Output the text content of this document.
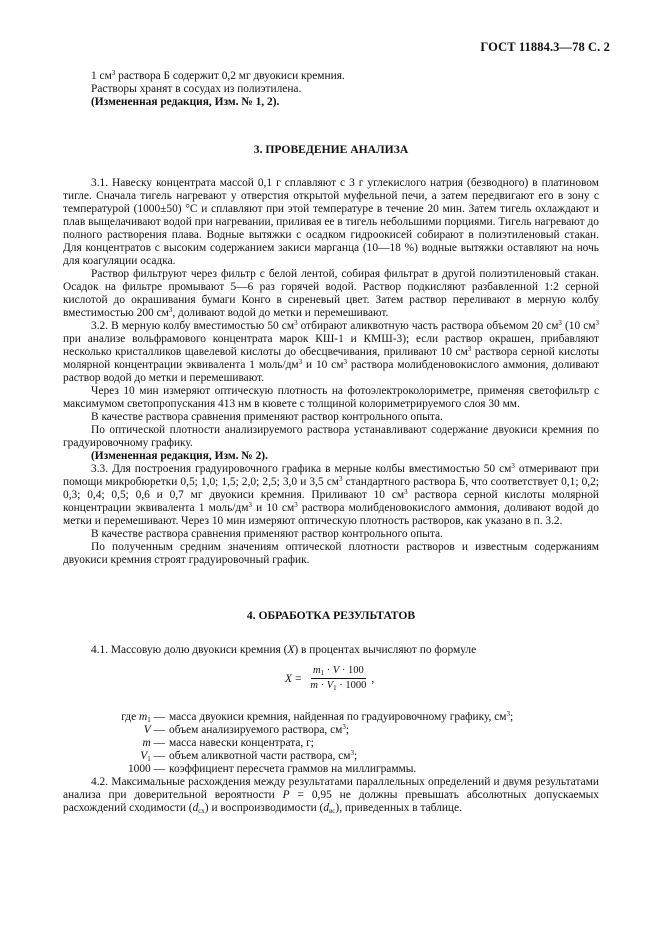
ГОСТ 11884.3—78 С. 2

1 $см^3$ раствора Б содержит 0,2 мг двуокиси кремния.

Растворы хранят в сосудах из полиэтилена.

(Измененная редакция, Изм. № 1, 2).

3. ПРОВЕДЕНИЕ АНАЛИЗА

3.1. Навеску концентрата массой 0,1 г сплавляют с 3 г углекислого натрия (безводного) в платиновом тигле. Сначала тигель нагревают у отверстия открытой муфельной печи, а затем передвигают его в зону с температурой (1000±50) °С и сплавляют при этой температуре в течение 20 мин. Затем тигель охлаждают и плав выщелачивают водой при нагревании, приливая ее в тигель небольшими порциями. Тигель нагревают до полного растворения плава. Водные вытяжки с осадком гидроокисей собирают в полиэтиленовый стакан. Для концентратов с высоким содержанием закиси марганца (10—18 %) водные вытяжки оставляют на ночь для коагуляции осадка.

Раствор фильтруют через фильтр с белой лентой, собирая фильтрат в другой полиэтиленовый стакан. Осадок на фильтре промывают 5—6 раз горячей водой. Раствор подкисляют разбавленной 1:2 серной кислотой до окрашивания бумаги Конго в сиреневый цвет. Затем раствор переливают в мерную колбу вместимостью 200 $см^3$, доливают водой до метки и перемешивают.

3.2. В мерную колбу вместимостью 50 $см^3$ отбирают аликвотную часть раствора объемом 20 $см^3$ (10 $см^3$ при анализе вольфрамового концентрата марок КШ-1 и КМШ-3); если раствор окрашен, прибавляют несколько кристалликов щавелевой кислоты до обесцвечивания, приливают 10 $см^3$ раствора серной кислоты молярной концентрации эквивалента 1 моль/$дм^3$ и 10 $см^3$ раствора молибденовокислого аммония, доливают раствор водой до метки и перемешивают.

Через 10 мин измеряют оптическую плотность на фотоэлектроколориметре, применяя светофильтр с максимумом светопропускания 413 нм в кювете с толщиной колориметрируемого слоя 30 мм.

В качестве раствора сравнения применяют раствор контрольного опыта.

По оптической плотности анализируемого раствора устанавливают содержание двуокиси кремния по градуировочному графику.

(Измененная редакция, Изм. № 2).

3.3. Для построения градуировочного графика в мерные колбы вместимостью 50 $см^3$ отмеривают при помощи микробюретки 0,5; 1,0; 1,5; 2,0; 2,5; 3,0 и 3,5 $см^3$ стандартного раствора Б, что соответствует 0,1; 0,2; 0,3; 0,4; 0,5; 0,6 и 0,7 мг двуокиси кремния. Приливают 10 $см^3$ раствора серной кислоты молярной концентрации эквивалента 1 моль/$дм^3$ и 10 $см^3$ раствора молибденовокислого аммония, доливают водой до метки и перемешивают. Через 10 мин измеряют оптическую плотность растворов, как указано в п. 3.2.

В качестве раствора сравнения применяют раствор контрольного опыта.

По полученным средним значениям оптической плотности растворов и известным содержаниям двуокиси кремния строят градуировочный график.

4. ОБРАБОТКА РЕЗУЛЬТАТОВ

4.1. Массовую долю двуокиси кремния (X) в процентах вычисляют по формуле

$X = \frac{m_1 \cdot V \cdot 100}{m \cdot V_1 \cdot 1000}$ ,
где $m_1$ — масса двуокиси кремния, найденная по градуировочному графику, $см^3$;
V — объем анализируемого раствора, $см^3$;
m — масса навески концентрата, г;
$V_1$ — объем аликвотной части раствора, $см^3$;
1000 — коэффициент пересчета граммов на миллиграммы.

4.2. Максимальные расхождения между результатами параллельных определений и двумя результатами анализа при доверительной вероятности P = 0,95 не должны превышать абсолютных допускаемых расхождений сходимости $(d_{сх})$ и воспроизводимости $(d_{вс})$, приведенных в таблице.
